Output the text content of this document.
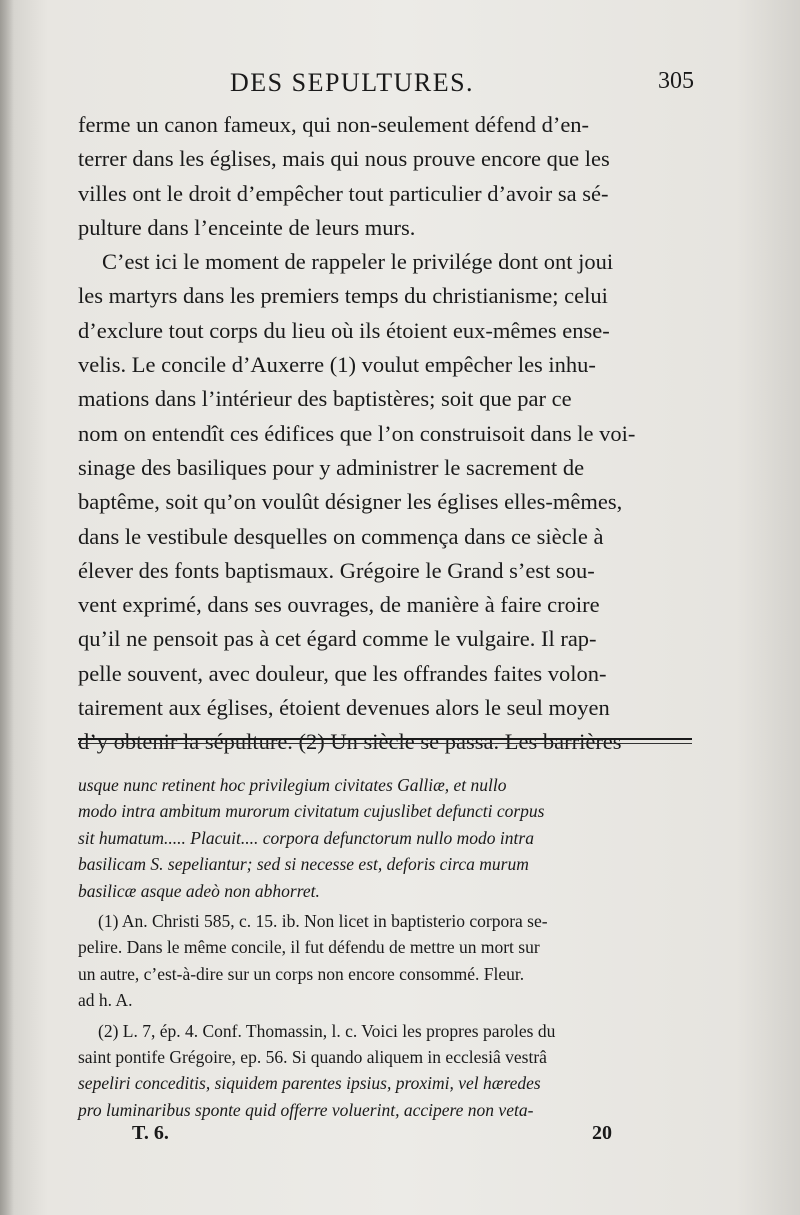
DES SEPULTURES.	305
ferme un canon fameux, qui non-seulement défend d’en-
terrer dans les églises, mais qui nous prouve encore que les
villes ont le droit d’empêcher tout particulier d’avoir sa sé-
pulture dans l’enceinte de leurs murs.
C’est ici le moment de rappeler le privilége dont ont joui
les martyrs dans les premiers temps du christianisme; celui
d’exclure tout corps du lieu où ils étoient eux-mêmes ense-
velis. Le concile d’Auxerre (1) voulut empêcher les inhu-
mations dans l’intérieur des baptistères; soit que par ce
nom on entendît ces édifices que l’on construisoit dans le voi-
sinage des basiliques pour y administrer le sacrement de
baptême, soit qu’on voulût désigner les églises elles-mêmes,
dans le vestibule desquelles on commença dans ce siècle à
élever des fonts baptismaux. Grégoire le Grand s’est sou-
vent exprimé, dans ses ouvrages, de manière à faire croire
qu’il ne pensoit pas à cet égard comme le vulgaire. Il rap-
pelle souvent, avec douleur, que les offrandes faites volon-
tairement aux églises, étoient devenues alors le seul moyen
d’y obtenir la sépulture. (2) Un siècle se passa. Les barrières
usque nunc retinent hoc privilegium civitates Galliæ, et nullo
modo intra ambitum murorum civitatum cujuslibet defuncti corpus
sit humatum..... Placuit.... corpora defunctorum nullo modo intra
basilicam S. sepeliantur; sed si necesse est, deforis circa murum
basilicæ asque adeò non abhorret.
(1) An. Christi 585, c. 15. ib. Non licet in baptisterio corpora se-
pelire. Dans le même concile, il fut défendu de mettre un mort sur
un autre, c’est-à-dire sur un corps non encore consommé. Fleur.
ad h. A.
(2) L. 7, ép. 4. Conf. Thomassin, l. c. Voici les propres paroles du
saint pontife Grégoire, ep. 56. Si quando aliquem in ecclesiâ vestrâ
sepeliri conceditis, siquidem parentes ipsius, proximi, vel hæredes
pro luminaribus sponte quid offerre voluerint, accipere non veta-
T. 6.	20
